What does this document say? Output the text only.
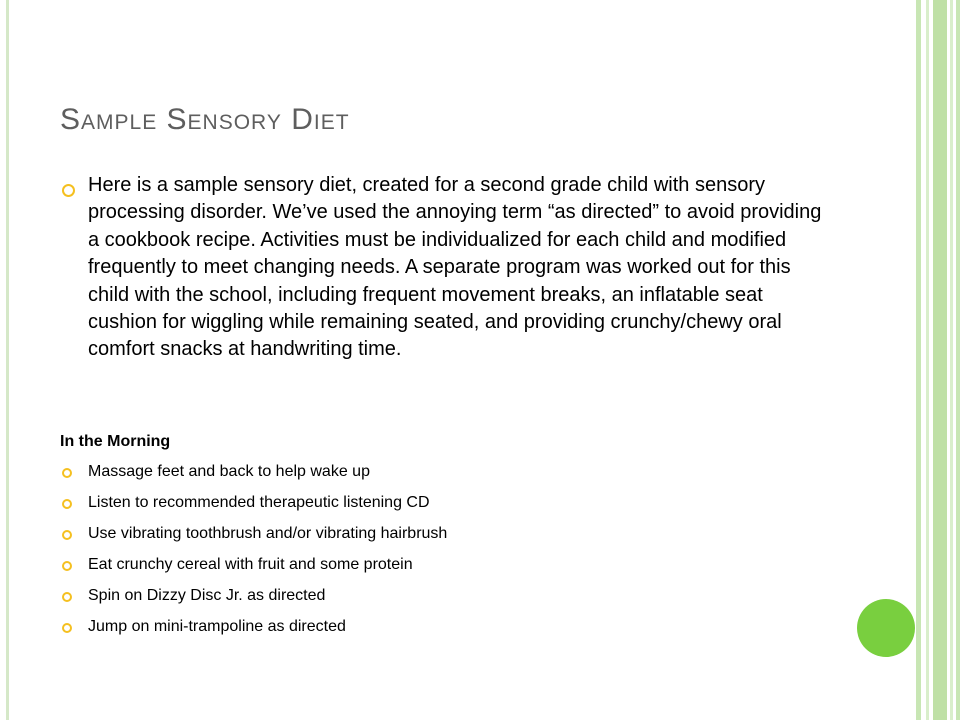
Sample Sensory Diet

Here is a sample sensory diet, created for a second grade child with sensory processing disorder. We’ve used the annoying term “as directed” to avoid providing a cookbook recipe. Activities must be individualized for each child and modified frequently to meet changing needs. A separate program was worked out for this child with the school, including frequent movement breaks, an inflatable seat cushion for wiggling while remaining seated, and providing crunchy/chewy oral comfort snacks at handwriting time.

In the Morning

Massage feet and back to help wake up
Listen to recommended therapeutic listening CD
Use vibrating toothbrush and/or vibrating hairbrush
Eat crunchy cereal with fruit and some protein
Spin on Dizzy Disc Jr. as directed
Jump on mini-trampoline as directed
